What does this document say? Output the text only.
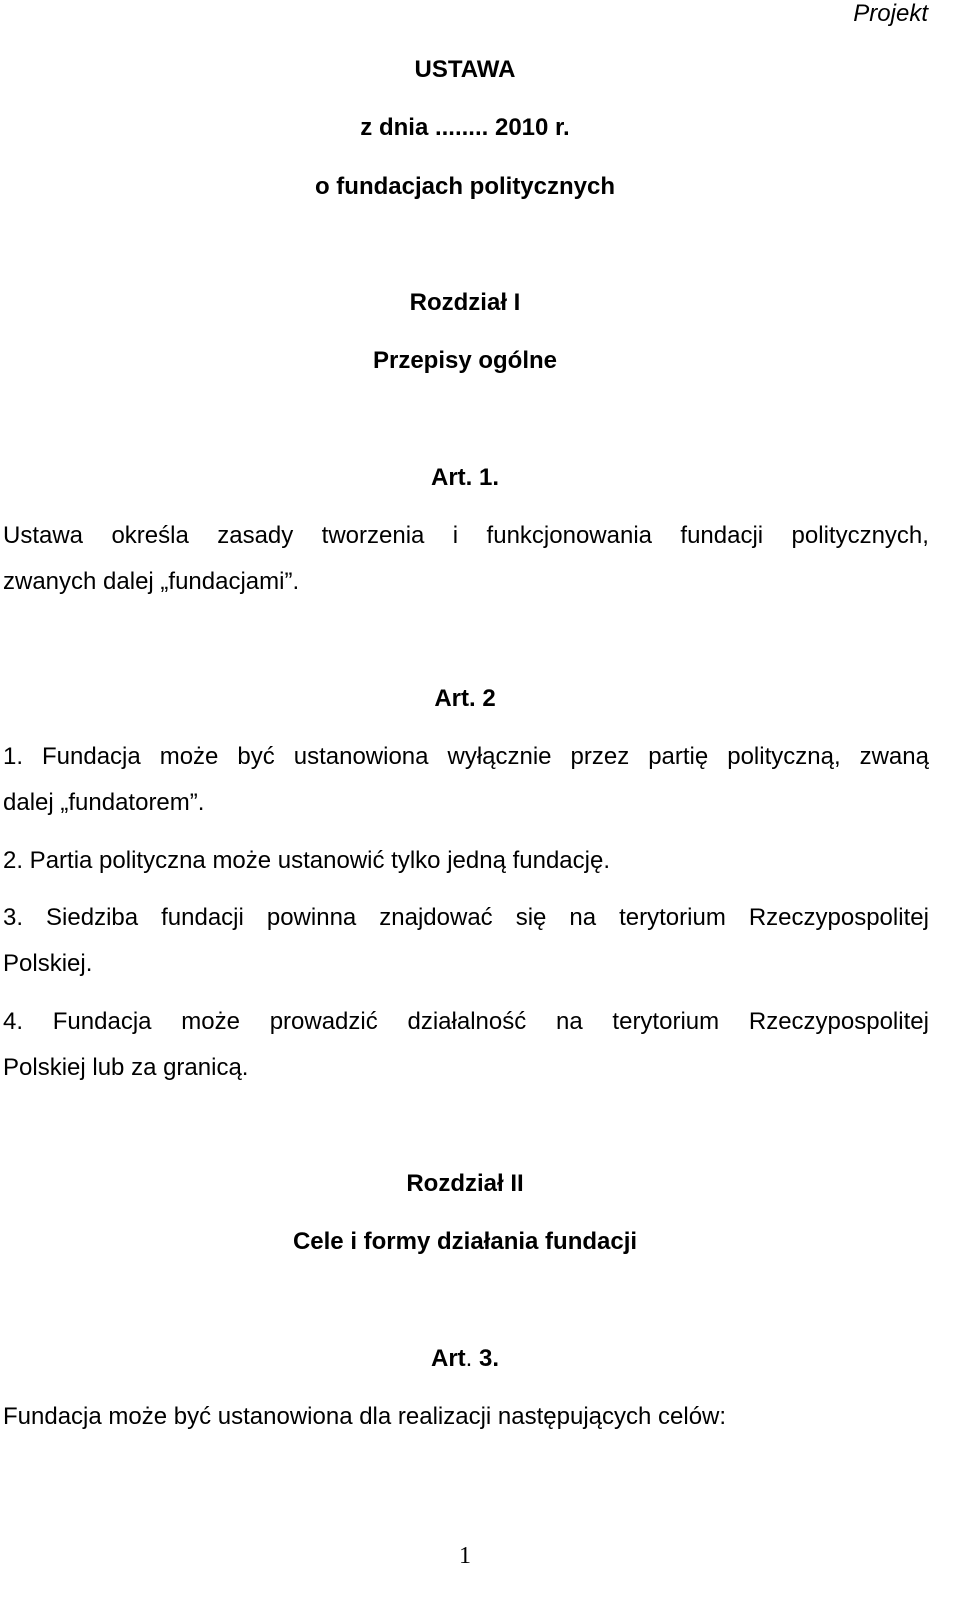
Projekt
USTAWA
z dnia ........ 2010 r.
o fundacjach politycznych
Rozdział I
Przepisy ogólne
Art. 1.
Ustawa określa zasady tworzenia i funkcjonowania fundacji politycznych,
zwanych dalej „fundacjami”.
Art. 2
1. Fundacja może być ustanowiona wyłącznie przez partię polityczną, zwaną
dalej „fundatorem”.
2. Partia polityczna może ustanowić tylko jedną fundację.
3. Siedziba fundacji powinna znajdować się na terytorium Rzeczypospolitej
Polskiej.
4. Fundacja może prowadzić działalność na terytorium Rzeczypospolitej
Polskiej lub za granicą.
Rozdział II
Cele i formy działania fundacji
Art. 3.
Fundacja może być ustanowiona dla realizacji następujących celów:
1
